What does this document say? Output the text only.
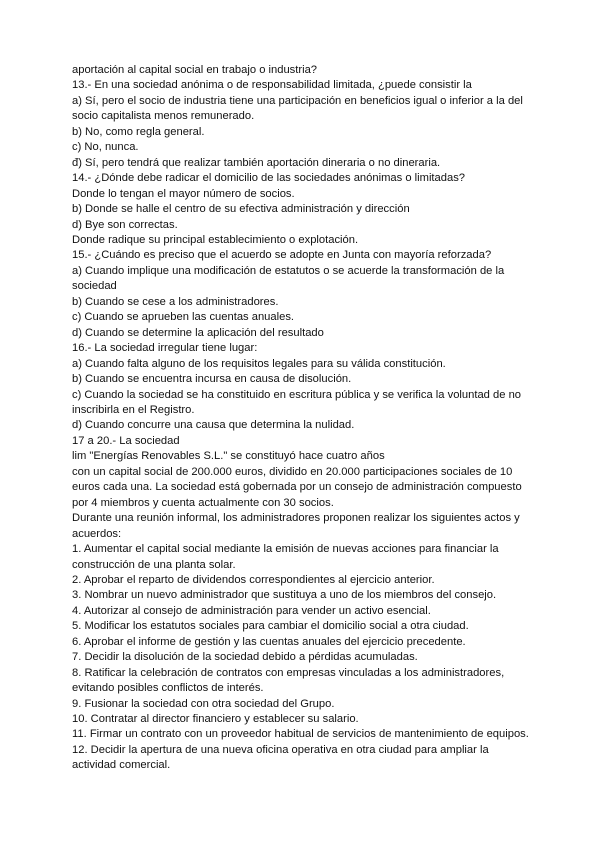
aportación al capital social en trabajo o industria?
13.- En una sociedad anónima o de responsabilidad limitada, ¿puede consistir la
a) Sí, pero el socio de industria tiene una participación en beneficios igual o inferior a la del
socio capitalista menos remunerado.
b) No, como regla general.
c) No, nunca.
đ) Sí, pero tendrá que realizar también aportación dineraria o no dineraria.
14.- ¿Dónde debe radicar el domicilio de las sociedades anónimas o limitadas?
Donde lo tengan el mayor número de socios.
b) Donde se halle el centro de su efectiva administración y dirección
d) Bye son correctas.
Donde radique su principal establecimiento o explotación.
15.- ¿Cuándo es preciso que el acuerdo se adopte en Junta con mayoría reforzada?
a) Cuando implique una modificación de estatutos o se acuerde la transformación de la
sociedad
b) Cuando se cese a los administradores.
c) Cuando se aprueben las cuentas anuales.
d) Cuando se determine la aplicación del resultado
16.- La sociedad irregular tiene lugar:
a) Cuando falta alguno de los requisitos legales para su válida constitución.
b) Cuando se encuentra incursa en causa de disolución.
c) Cuando la sociedad se ha constituido en escritura pública y se verifica la voluntad de no
inscribirla en el Registro.
d) Cuando concurre una causa que determina la nulidad.
17 a 20.- La sociedad
lim "Energías Renovables S.L." se constituyó hace cuatro años
con un capital social de 200.000 euros, dividido en 20.000 participaciones sociales de 10
euros cada una. La sociedad está gobernada por un consejo de administración compuesto
por 4 miembros y cuenta actualmente con 30 socios.
Durante una reunión informal, los administradores proponen realizar los siguientes actos y
acuerdos:
1. Aumentar el capital social mediante la emisión de nuevas acciones para financiar la
construcción de una planta solar.
2. Aprobar el reparto de dividendos correspondientes al ejercicio anterior.
3. Nombrar un nuevo administrador que sustituya a uno de los miembros del consejo.
4. Autorizar al consejo de administración para vender un activo esencial.
5. Modificar los estatutos sociales para cambiar el domicilio social a otra ciudad.
6. Aprobar el informe de gestión y las cuentas anuales del ejercicio precedente.
7. Decidir la disolución de la sociedad debido a pérdidas acumuladas.
8. Ratificar la celebración de contratos con empresas vinculadas a los administradores,
evitando posibles conflictos de interés.
9. Fusionar la sociedad con otra sociedad del Grupo.
10. Contratar al director financiero y establecer su salario.
11. Firmar un contrato con un proveedor habitual de servicios de mantenimiento de equipos.
12. Decidir la apertura de una nueva oficina operativa en otra ciudad para ampliar la
actividad comercial.
